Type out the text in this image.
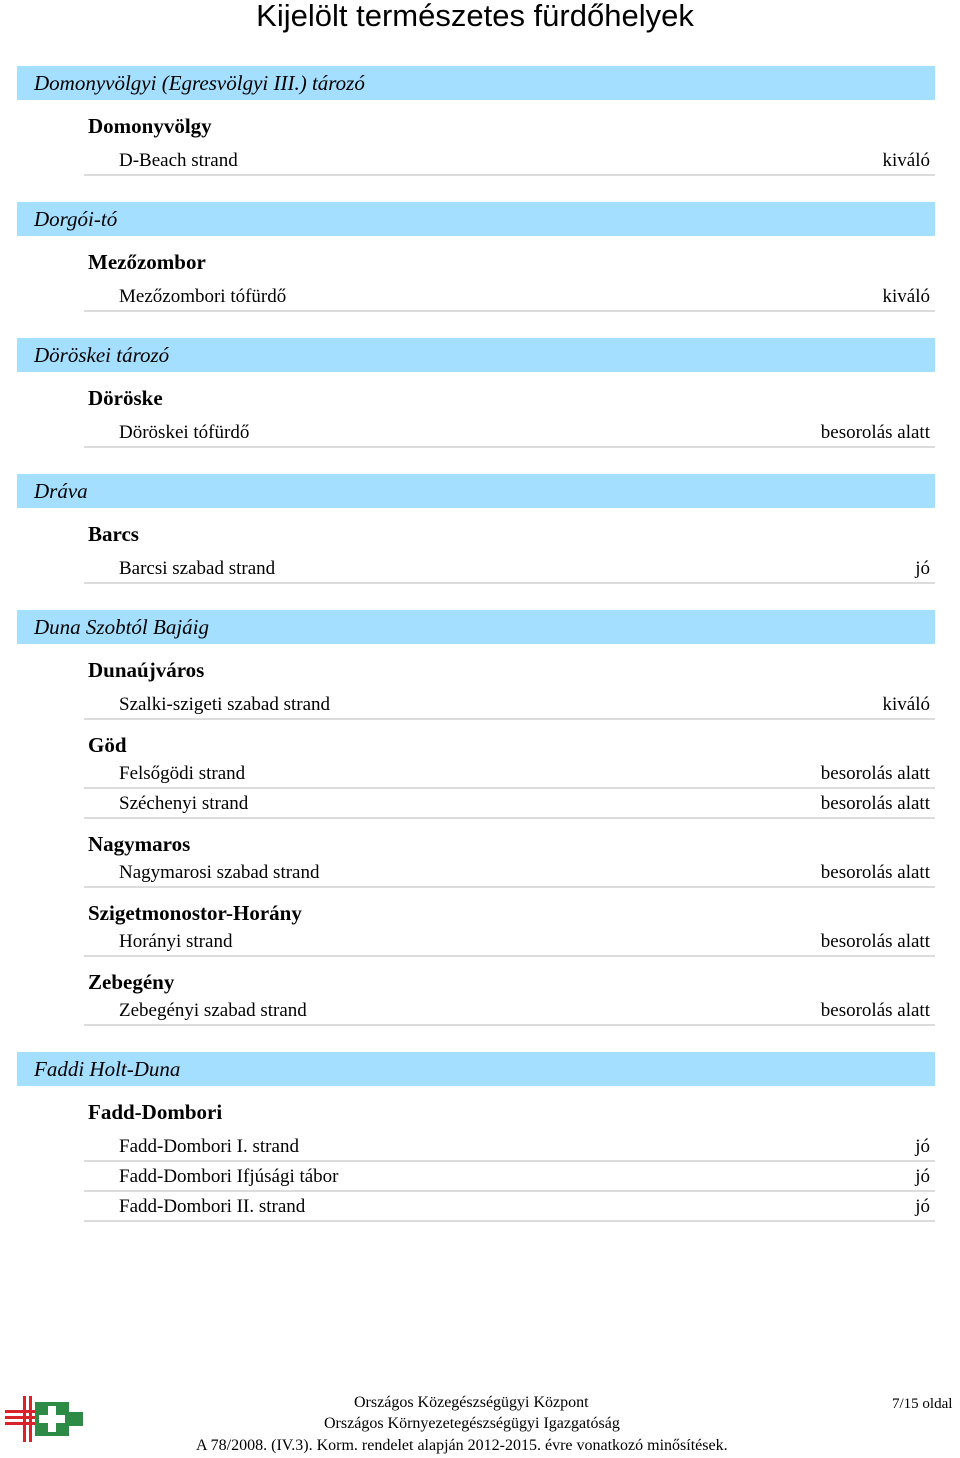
Kijelölt természetes fürdőhelyek
Domonyvölgyi (Egresvölgyi III.) tározó
Domonyvölgy
D-Beach strand	kiváló
Dorgói-tó
Mezőzombor
Mezőzombori tófürdő	kiváló
Döröskei tározó
Döröske
Döröskei tófürdő	besorolás alatt
Dráva
Barcs
Barcsi szabad strand	jó
Duna Szobtól Bajáig
Dunaújváros
Szalki-szigeti szabad strand	kiváló
Göd
Felsőgödi strand	besorolás alatt
Széchenyi strand	besorolás alatt
Nagymaros
Nagymarosi szabad strand	besorolás alatt
Szigetmonostor-Horány
Horányi strand	besorolás alatt
Zebegény
Zebegényi szabad strand	besorolás alatt
Faddi Holt-Duna
Fadd-Dombori
Fadd-Dombori I. strand	jó
Fadd-Dombori Ifjúsági tábor	jó
Fadd-Dombori II. strand	jó
Országos Közegészségügyi Központ
Országos Környezetegészségügyi Igazgatóság
A 78/2008. (IV.3). Korm. rendelet alapján 2012-2015. évre vonatkozó minősítések.
7/15 oldal
